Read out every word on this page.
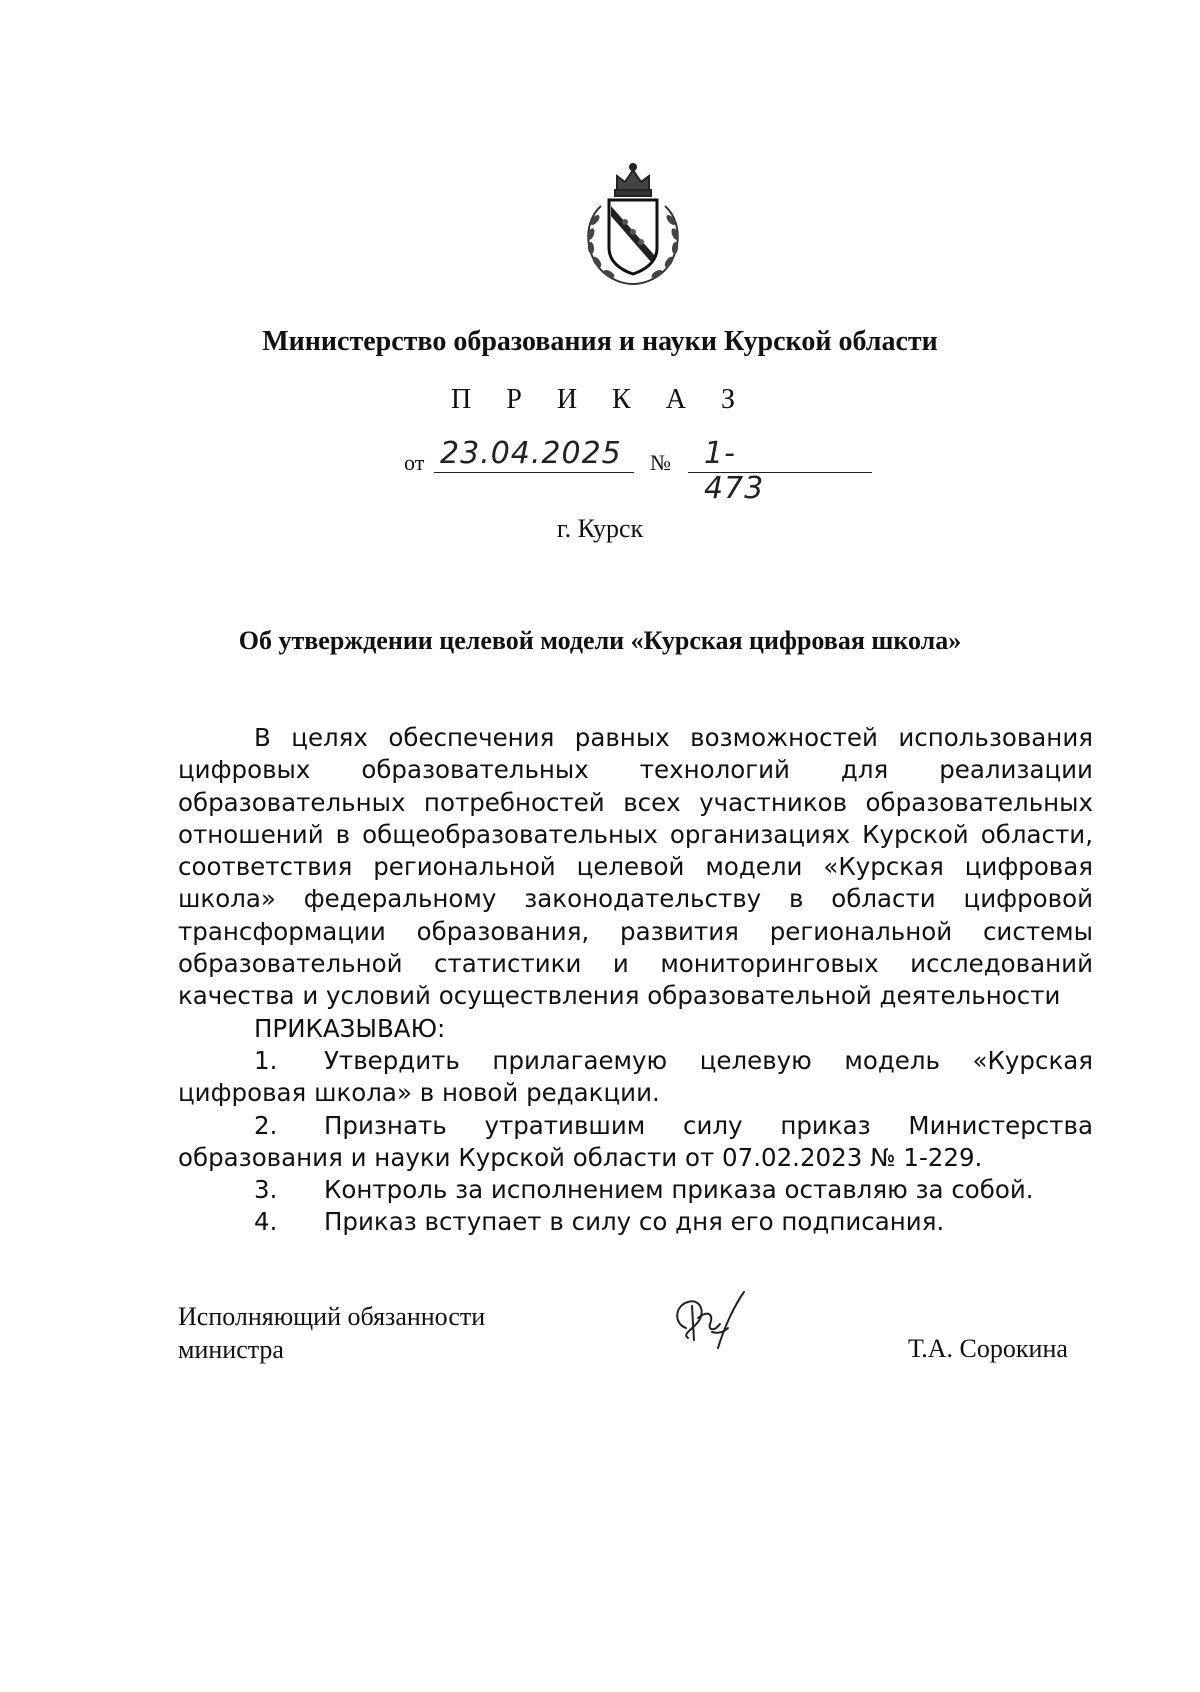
Министерство образования и науки Курской области
П Р И К А З
от 23.04.2025 № 1-473
г. Курск
Об утверждении целевой модели «Курская цифровая школа»

В целях обеспечения равных возможностей использования цифровых образовательных технологий для реализации образовательных потребностей всех участников образовательных отношений в общеобразовательных организациях Курской области, соответствия региональной целевой модели «Курская цифровая школа» федеральному законодательству в области цифровой трансформации образования, развития региональной системы образовательной статистики и мониторинговых исследований качества и условий осуществления образовательной деятельности

ПРИКАЗЫВАЮ:

1. Утвердить прилагаемую целевую модель «Курская цифровая школа» в новой редакции.

2. Признать утратившим силу приказ Министерства образования и науки Курской области от 07.02.2023 № 1-229.

3. Контроль за исполнением приказа оставляю за собой.

4. Приказ вступает в силу со дня его подписания.

Исполняющий обязанности
министра	Т.А. Сорокина
